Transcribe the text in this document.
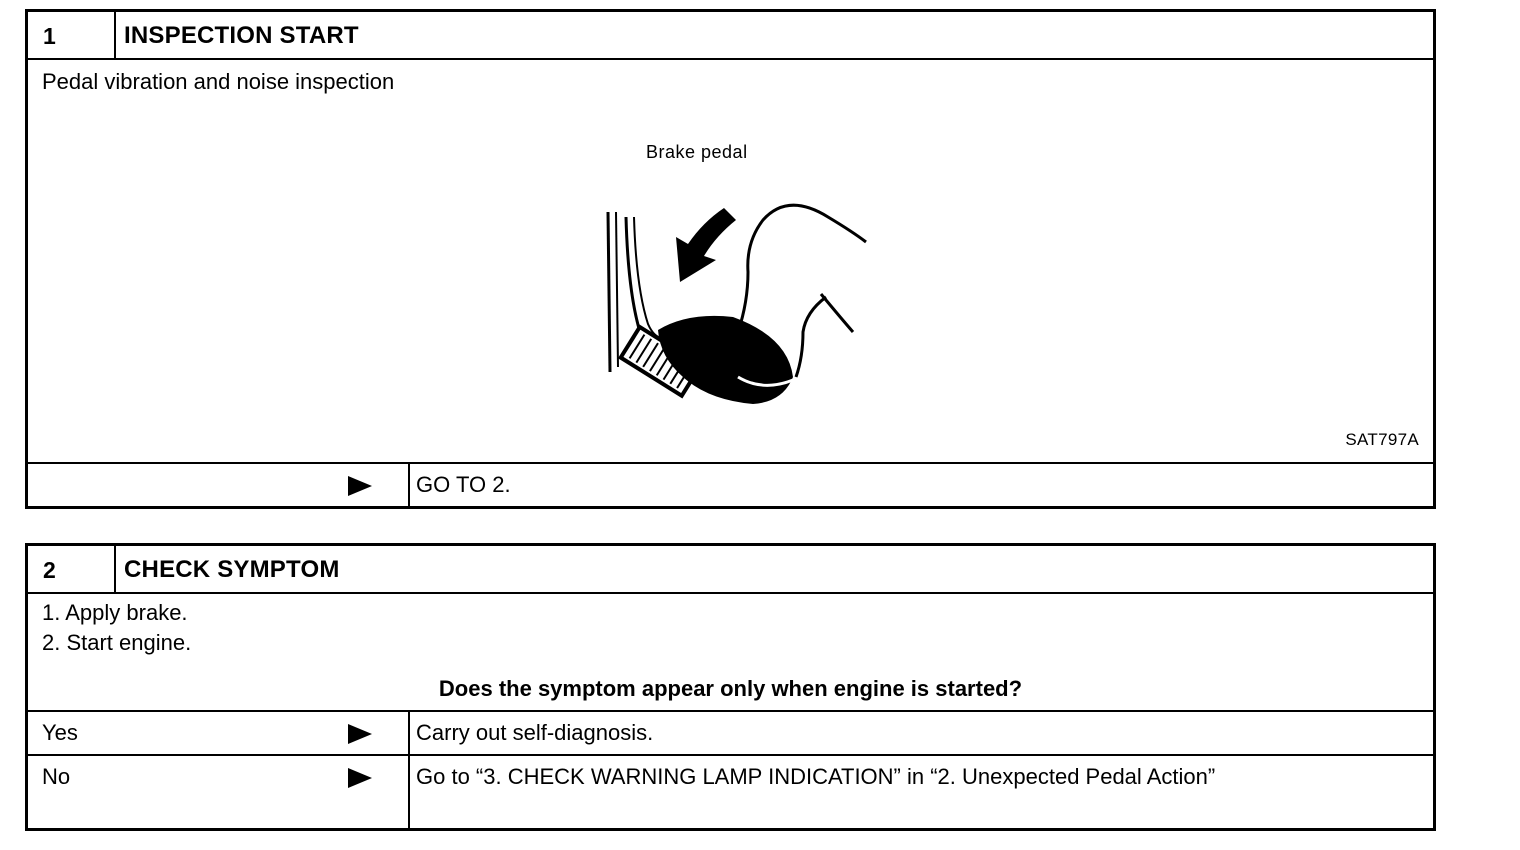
1	INSPECTION START
Pedal vibration and noise inspection
Brake pedal
SAT797A
GO TO 2.
2	CHECK SYMPTOM
1. Apply brake.
2. Start engine.
Does the symptom appear only when engine is started?
Yes	Carry out self-diagnosis.
No	Go to “3. CHECK WARNING LAMP INDICATION” in “2. Unexpected Pedal Action”
